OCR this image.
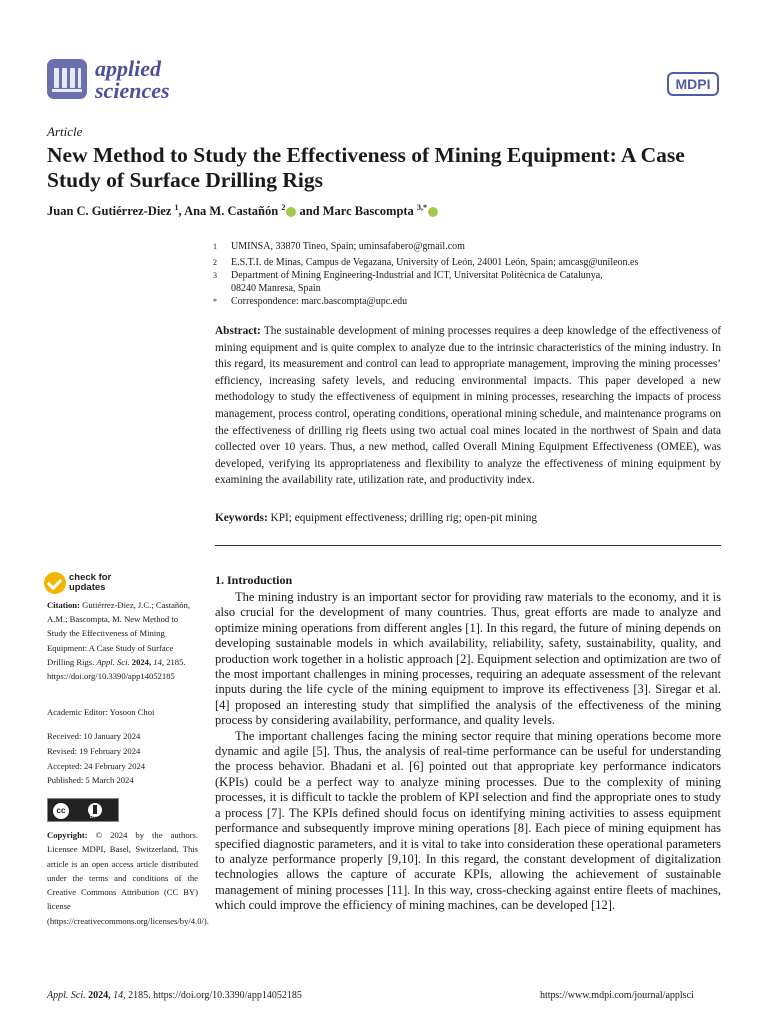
applied
sciences	MDPI
Article
New Method to Study the Effectiveness of Mining Equipment: A Case Study of Surface Drilling Rigs
Juan C. Gutiérrez-Diez $^1$, Ana M. Castañón $^2$ and Marc Bascompta $^{3,*}$
1 UMINSA, 33870 Tineo, Spain; uminsafabero@gmail.com
2 E.S.T.I. de Minas, Campus de Vegazana, University of León, 24001 León, Spain; amcasg@unileon.es
3 Department of Mining Engineering-Industrial and ICT, Universitat Politècnica de Catalunya,
08240 Manresa, Spain
* Correspondence: marc.bascompta@upc.edu
Abstract: The sustainable development of mining processes requires a deep knowledge of the effectiveness of mining equipment and is quite complex to analyze due to the intrinsic characteristics of the mining industry. In this regard, its measurement and control can lead to appropriate management, improving the mining processes’ efficiency, increasing safety levels, and reducing environmental impacts. This paper developed a new methodology to study the effectiveness of equipment in mining processes, researching the impacts of process management, process control, operating conditions, operational mining schedule, and maintenance programs on the effectiveness of drilling rig fleets using two actual coal mines located in the northwest of Spain and data collected over 10 years. Thus, a new method, called Overall Mining Equipment Effectiveness (OMEE), was developed, verifying its appropriateness and flexibility to analyze the effectiveness of mining equipment by examining the availability rate, utilization rate, and productivity index.
Keywords: KPI; equipment effectiveness; drilling rig; open-pit mining
check for
updates
Citation: Gutiérrez-Diez, J.C.; Castañón, A.M.; Bascompta, M. New Method to Study the Effectiveness of Mining Equipment: A Case Study of Surface Drilling Rigs. Appl. Sci. 2024, 14, 2185. https://doi.org/10.3390/app14052185
Academic Editor: Yosoon Choi
Received: 10 January 2024
Revised: 19 February 2024
Accepted: 24 February 2024
Published: 5 March 2024
cc
BY
Copyright: © 2024 by the authors. Licensee MDPI, Basel, Switzerland. This article is an open access article distributed under the terms and conditions of the Creative Commons Attribution (CC BY) license (https://creativecommons.org/licenses/by/4.0/).
1. Introduction

The mining industry is an important sector for providing raw materials to the economy, and it is also crucial for the development of many countries. Thus, great efforts are made to analyze and optimize mining operations from different angles [1]. In this regard, the future of mining depends on developing sustainable models in which availability, reliability, safety, sustainability, quality, and production work together in a holistic approach [2]. Equipment selection and optimization are two of the most important challenges in mining processes, requiring an adequate assessment of the relevant inputs during the life cycle of the mining equipment to improve its effectiveness [3]. Siregar et al. [4] proposed an interesting study that simplified the analysis of the effectiveness of the mining process by considering availability, performance, and quality levels.

The important challenges facing the mining sector require that mining operations become more dynamic and agile [5]. Thus, the analysis of real-time performance can be useful for understanding the process behavior. Bhadani et al. [6] pointed out that appropriate key performance indicators (KPIs) could be a perfect way to analyze mining processes. Due to the complexity of mining processes, it is difficult to tackle the problem of KPI selection and find the appropriate ones to study a process [7]. The KPIs defined should focus on identifying mining activities to assess equipment performance and subsequently improve mining operations [8]. Each piece of mining equipment has specified diagnostic parameters, and it is vital to take into consideration these operational parameters to analyze performance properly [9,10]. In this regard, the constant development of digitalization technologies allows the capture of accurate KPIs, allowing the achievement of sustainable management of mining processes [11]. In this way, cross-checking against entire fleets of machines, which could improve the efficiency of mining machines, can be developed [12].

Appl. Sci. 2024, 14, 2185. https://doi.org/10.3390/app14052185	https://www.mdpi.com/journal/applsci
